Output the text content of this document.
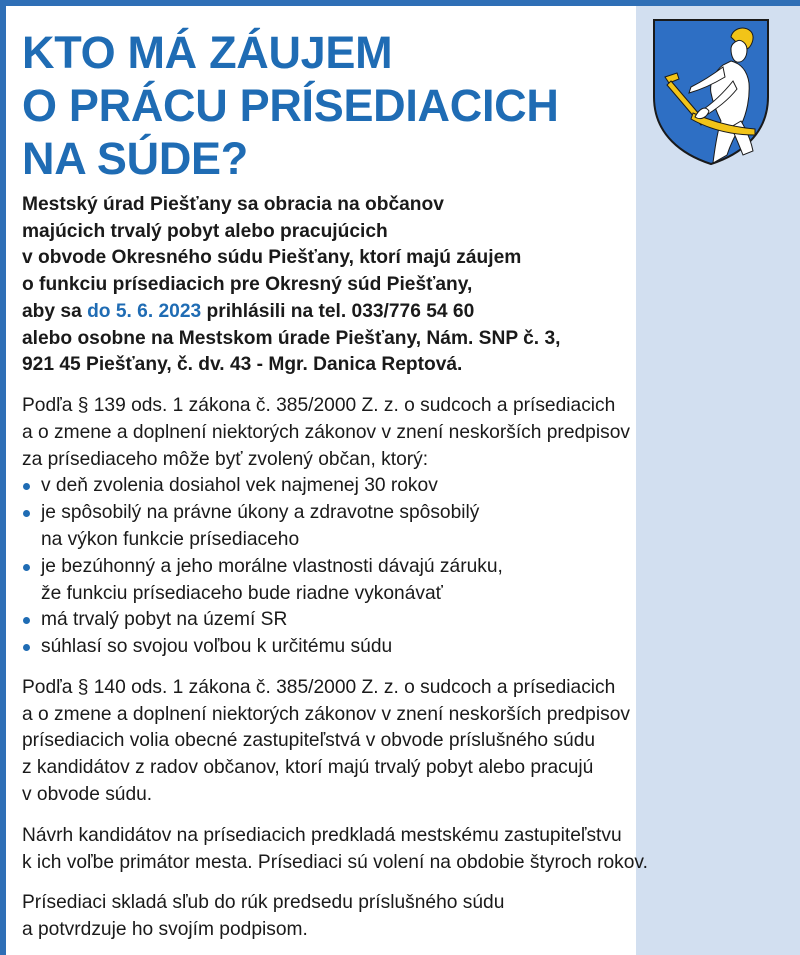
KTO MÁ ZÁUJEM
O PRÁCU PRÍSEDIACICH
NA SÚDE?
Mestský úrad Piešťany sa obracia na občanov
majúcich trvalý pobyt alebo pracujúcich
v obvode Okresného súdu Piešťany, ktorí majú záujem
o funkciu prísediacich pre Okresný súd Piešťany,
aby sa do 5. 6. 2023 prihlásili na tel. 033/776 54 60
alebo osobne na Mestskom úrade Piešťany, Nám. SNP č. 3,
921 45 Piešťany, č. dv. 43 - Mgr. Danica Reptová.
Podľa § 139 ods. 1 zákona č. 385/2000 Z. z. o sudcoch a prísediacich
a o zmene a doplnení niektorých zákonov v znení neskorších predpisov
za prísediaceho môže byť zvolený občan, ktorý:
v deň zvolenia dosiahol vek najmenej 30 rokov
je spôsobilý na právne úkony a zdravotne spôsobilý
na výkon funkcie prísediaceho
je bezúhonný a jeho morálne vlastnosti dávajú záruku,
že funkciu prísediaceho bude riadne vykonávať
má trvalý pobyt na území SR
súhlasí so svojou voľbou k určitému súdu
Podľa § 140 ods. 1 zákona č. 385/2000 Z. z. o sudcoch a prísediacich
a o zmene a doplnení niektorých zákonov v znení neskorších predpisov
prísediacich volia obecné zastupiteľstvá v obvode príslušného súdu
z kandidátov z radov občanov, ktorí majú trvalý pobyt alebo pracujú
v obvode súdu.
Návrh kandidátov na prísediacich predkladá mestskému zastupiteľstvu
k ich voľbe primátor mesta. Prísediaci sú volení na obdobie štyroch rokov.
Prísediaci skladá sľub do rúk predsedu príslušného súdu
a potvrdzuje ho svojím podpisom.
